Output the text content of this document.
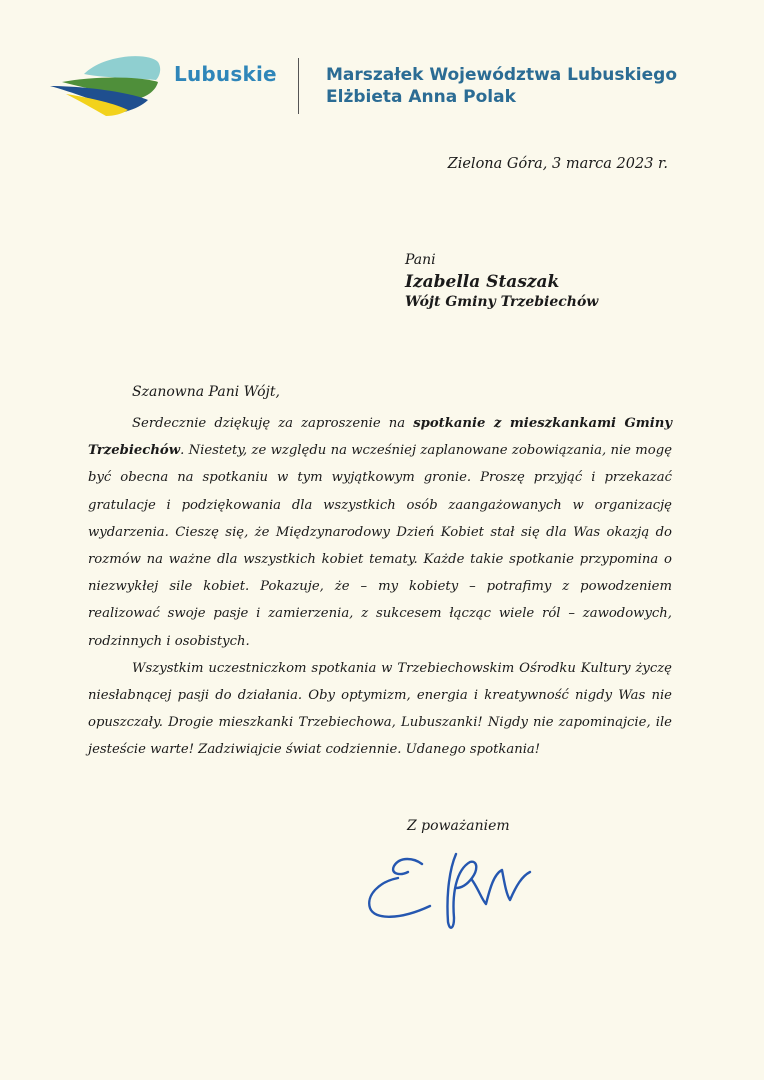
Lubuskie	Marszałek Województwa Lubuskiego
Elżbieta Anna Polak
Zielona Góra, 3 marca 2023 r.
Pani
Izabella Staszak
Wójt Gminy Trzebiechów
Szanowna Pani Wójt,

Serdecznie dziękuję za zaproszenie na spotkanie z mieszkankami Gminy Trzebiechów. Niestety, ze względu na wcześniej zaplanowane zobowiązania, nie mogę być obecna na spotkaniu w tym wyjątkowym gronie. Proszę przyjąć i przekazać gratulacje i podziękowania dla wszystkich osób zaangażowanych w organizację wydarzenia. Cieszę się, że Międzynarodowy Dzień Kobiet stał się dla Was okazją do rozmów na ważne dla wszystkich kobiet tematy. Każde takie spotkanie przypomina o niezwykłej sile kobiet. Pokazuje, że – my kobiety – potrafimy z powodzeniem realizować swoje pasje i zamierzenia, z sukcesem łącząc wiele ról – zawodowych, rodzinnych i osobistych.

Wszystkim uczestniczkom spotkania w Trzebiechowskim Ośrodku Kultury życzę niesłabnącej pasji do działania. Oby optymizm, energia i kreatywność nigdy Was nie opuszczały. Drogie mieszkanki Trzebiechowa, Lubuszanki! Nigdy nie zapominajcie, ile jesteście warte! Zadziwiajcie świat codziennie. Udanego spotkania!

Z poważaniem
